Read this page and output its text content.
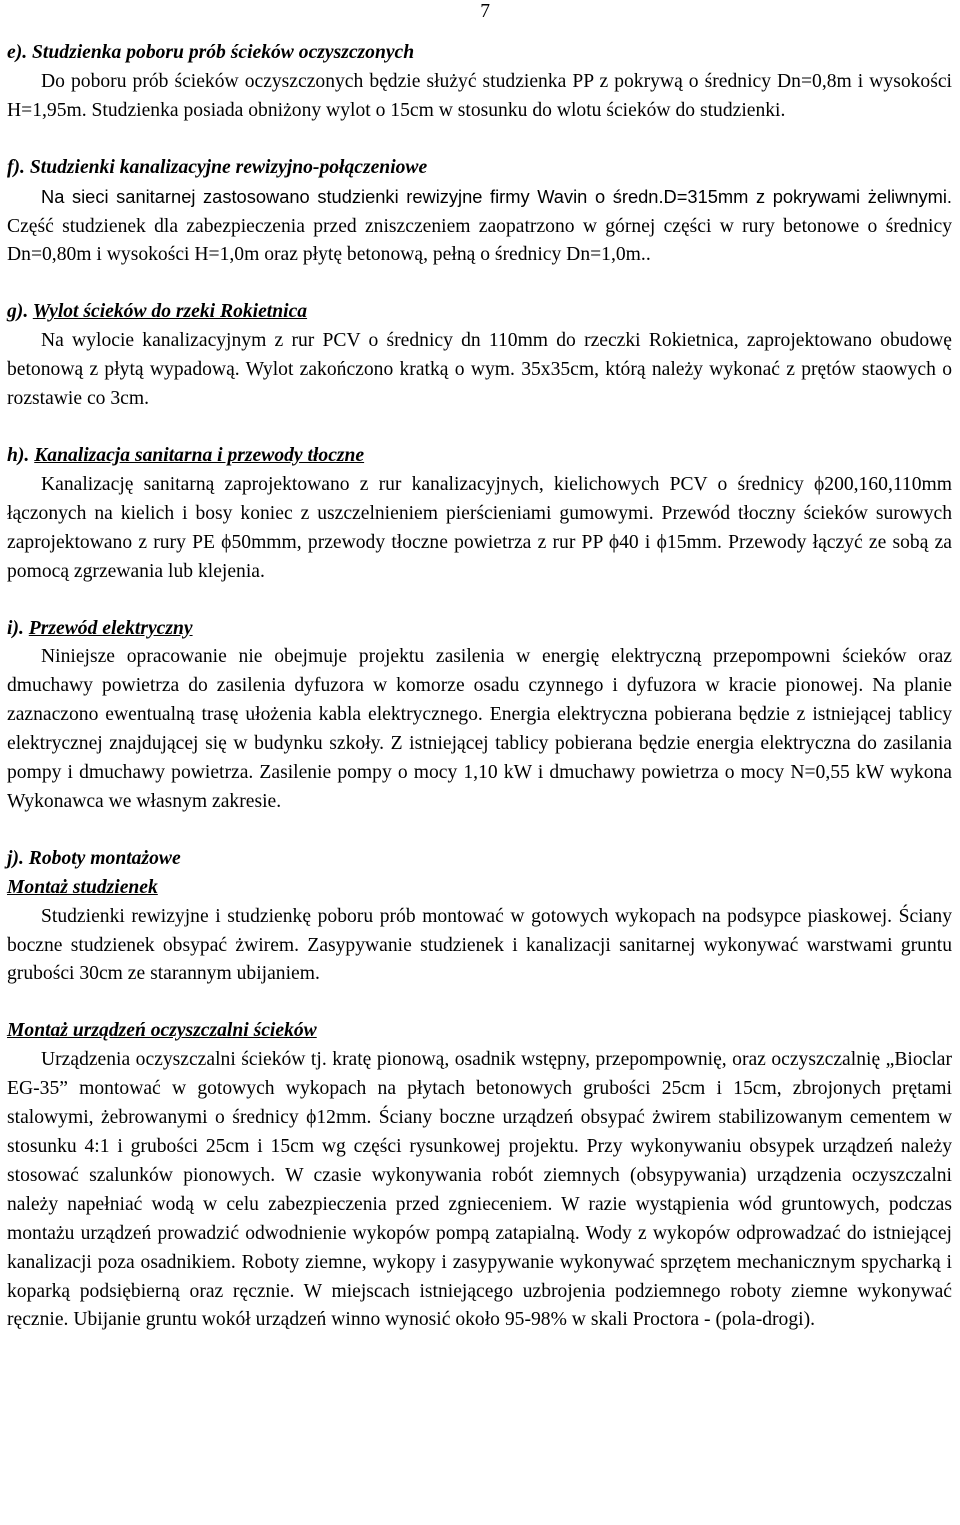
7

e). Studzienka poboru prób ścieków oczyszczonych

Do poboru prób ścieków oczyszczonych będzie służyć studzienka PP z pokrywą o średnicy Dn=0,8m i wysokości H=1,95m. Studzienka posiada obniżony wylot o 15cm w stosunku do wlotu ścieków do studzienki.

f). Studzienki kanalizacyjne rewizyjno-połączeniowe

Na sieci sanitarnej zastosowano studzienki rewizyjne firmy Wavin o średn.D=315mm z pokrywami żeliwnymi. Część studzienek dla zabezpieczenia przed zniszczeniem zaopatrzono w górnej części w rury betonowe o średnicy Dn=0,80m i wysokości H=1,0m oraz płytę betonową, pełną o średnicy Dn=1,0m..

g). Wylot ścieków do rzeki Rokietnica

Na wylocie kanalizacyjnym z rur PCV o średnicy dn 110mm do rzeczki Rokietnica, zaprojektowano obudowę betonową z płytą wypadową. Wylot zakończono kratką o wym. 35x35cm, którą należy wykonać z prętów staowych o rozstawie co 3cm.

h). Kanalizacja sanitarna i przewody tłoczne

Kanalizację sanitarną zaprojektowano z rur kanalizacyjnych, kielichowych PCV o średnicy ϕ200,160,110mm łączonych na kielich i bosy koniec z uszczelnieniem pierścieniami gumowymi. Przewód tłoczny ścieków surowych zaprojektowano z rury PE ϕ50mmm, przewody tłoczne powietrza z rur PP ϕ40 i ϕ15mm. Przewody łączyć ze sobą za pomocą zgrzewania lub klejenia.

i). Przewód elektryczny

Niniejsze opracowanie nie obejmuje projektu zasilenia w energię elektryczną przepompowni ścieków oraz dmuchawy powietrza do zasilenia dyfuzora w komorze osadu czynnego i dyfuzora w kracie pionowej. Na planie zaznaczono ewentualną trasę ułożenia kabla elektrycznego. Energia elektryczna pobierana będzie z istniejącej tablicy elektrycznej znajdującej się w budynku szkoły. Z istniejącej tablicy pobierana będzie energia elektryczna do zasilania pompy i dmuchawy powietrza. Zasilenie pompy o mocy 1,10 kW i dmuchawy powietrza o mocy N=0,55 kW wykona Wykonawca we własnym zakresie.

j). Roboty montażowe

Montaż studzienek

Studzienki rewizyjne i studzienkę poboru prób montować w gotowych wykopach na podsypce piaskowej. Ściany boczne studzienek obsypać żwirem. Zasypywanie studzienek i kanalizacji sanitarnej wykonywać warstwami gruntu grubości 30cm ze starannym ubijaniem.

Montaż urządzeń oczyszczalni ścieków

Urządzenia oczyszczalni ścieków tj. kratę pionową, osadnik wstępny, przepompownię, oraz oczyszczalnię „Bioclar EG-35” montować w gotowych wykopach na płytach betonowych grubości 25cm i 15cm, zbrojonych prętami stalowymi, żebrowanymi o średnicy ϕ12mm. Ściany boczne urządzeń obsypać żwirem stabilizowanym cementem w stosunku 4:1 i grubości 25cm i 15cm wg części rysunkowej projektu. Przy wykonywaniu obsypek urządzeń należy stosować szalunków pionowych. W czasie wykonywania robót ziemnych (obsypywania) urządzenia oczyszczalni należy napełniać wodą w celu zabezpieczenia przed zgnieceniem. W razie wystąpienia wód gruntowych, podczas montażu urządzeń prowadzić odwodnienie wykopów pompą zatapialną. Wody z wykopów odprowadzać do istniejącej kanalizacji poza osadnikiem. Roboty ziemne, wykopy i zasypywanie wykonywać sprzętem mechanicznym spycharką i koparką podsiębierną oraz ręcznie. W miejscach istniejącego uzbrojenia podziemnego roboty ziemne wykonywać ręcznie. Ubijanie gruntu wokół urządzeń winno wynosić około 95-98% w skali Proctora - (pola-drogi).
